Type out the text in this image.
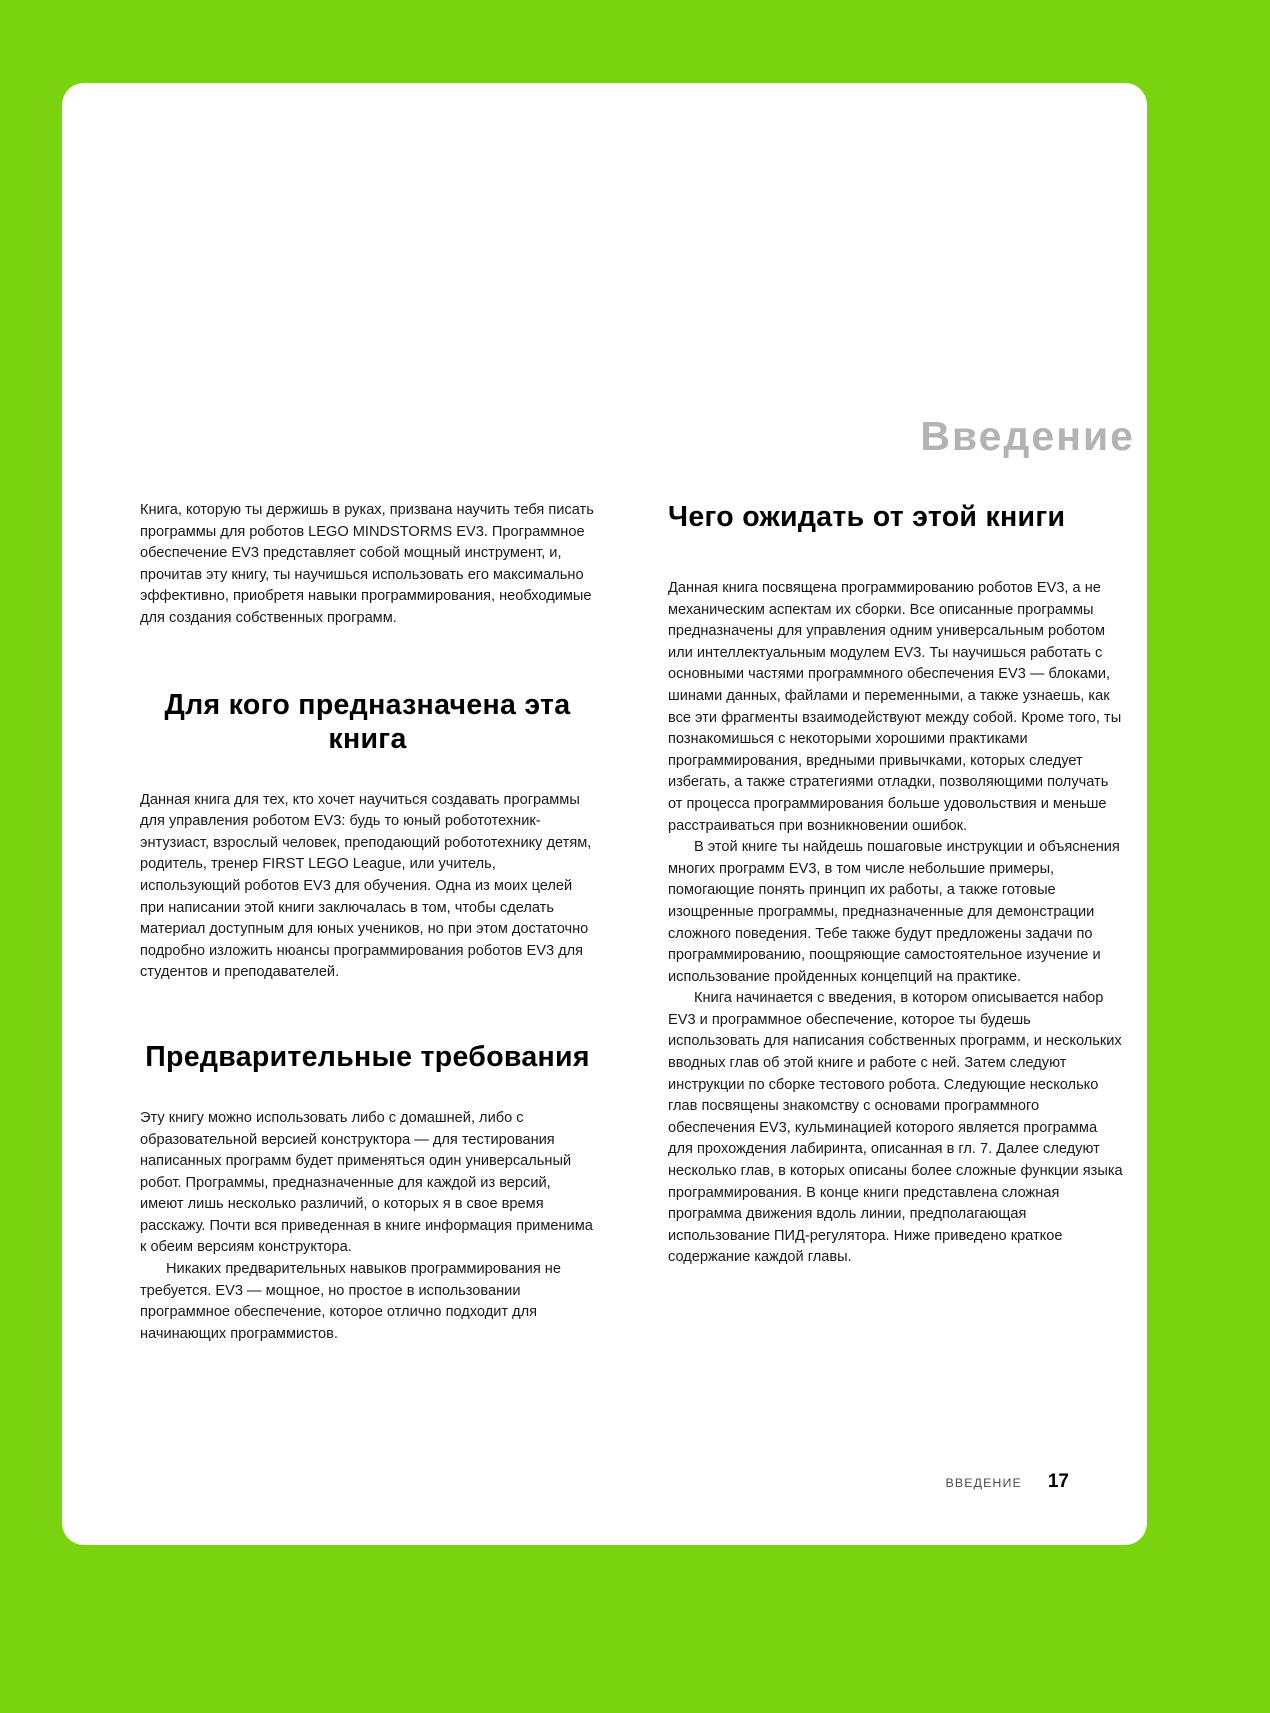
Введение

Книга, которую ты держишь в руках, призвана научить тебя писать программы для роботов LEGO MINDSTORMS EV3. Программное обеспечение EV3 представляет собой мощный инструмент, и, прочитав эту книгу, ты научишься использовать его максимально эффективно, приобретя навыки программирования, необходимые для создания собственных программ.

Для кого предназначена эта книга

Данная книга для тех, кто хочет научиться создавать программы для управления роботом EV3: будь то юный робототехник-энтузиаст, взрослый человек, преподающий робототехнику детям, родитель, тренер FIRST LEGO League, или учитель, использующий роботов EV3 для обучения. Одна из моих целей при написании этой книги заключалась в том, чтобы сделать материал доступным для юных учеников, но при этом достаточно подробно изложить нюансы программирования роботов EV3 для студентов и преподавателей.

Предварительные требования

Эту книгу можно использовать либо с домашней, либо с образовательной версией конструктора — для тестирования написанных программ будет применяться один универсальный робот. Программы, предназначенные для каждой из версий, имеют лишь несколько различий, о которых я в свое время расскажу. Почти вся приведенная в книге информация применима к обеим версиям конструктора.

Никаких предварительных навыков программирования не требуется. EV3 — мощное, но простое в использовании программное обеспечение, которое отлично подходит для начинающих программистов.

Чего ожидать от этой книги

Данная книга посвящена программированию роботов EV3, а не механическим аспектам их сборки. Все описанные программы предназначены для управления одним универсальным роботом или интеллектуальным модулем EV3. Ты научишься работать с основными частями программного обеспечения EV3 — блоками, шинами данных, файлами и переменными, а также узнаешь, как все эти фрагменты взаимодействуют между собой. Кроме того, ты познакомишься с некоторыми хорошими практиками программирования, вредными привычками, которых следует избегать, а также стратегиями отладки, позволяющими получать от процесса программирования больше удовольствия и меньше расстраиваться при возникновении ошибок.

В этой книге ты найдешь пошаговые инструкции и объяснения многих программ EV3, в том числе небольшие примеры, помогающие понять принцип их работы, а также готовые изощренные программы, предназначенные для демонстрации сложного поведения. Тебе также будут предложены задачи по программированию, поощряющие самостоятельное изучение и использование пройденных концепций на практике.

Книга начинается с введения, в котором описывается набор EV3 и программное обеспечение, которое ты будешь использовать для написания собственных программ, и нескольких вводных глав об этой книге и работе с ней. Затем следуют инструкции по сборке тестового робота. Следующие несколько глав посвящены знакомству с основами программного обеспечения EV3, кульминацией которого является программа для прохождения лабиринта, описанная в гл. 7. Далее следуют несколько глав, в которых описаны более сложные функции языка программирования. В конце книги представлена сложная программа движения вдоль линии, предполагающая использование ПИД-регулятора. Ниже приведено краткое содержание каждой главы.

ВВЕДЕНИЕ 17
